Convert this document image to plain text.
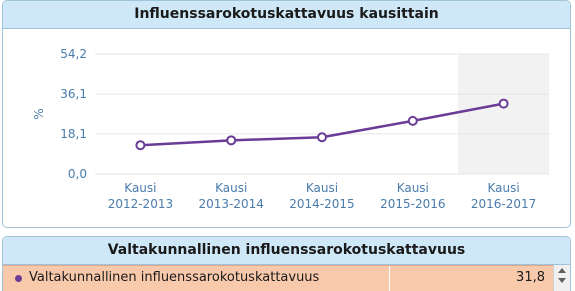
Influenssarokotuskattavuus kausittain
0,0
18,1
36,1
54,2
%
Kausi
2012-2013
Kausi
2013-2014
Kausi
2014-2015
Kausi
2015-2016
Kausi
2016-2017
Valtakunnallinen influenssarokotuskattavuus
Valtakunnallinen influenssarokotuskattavuus	31,8
